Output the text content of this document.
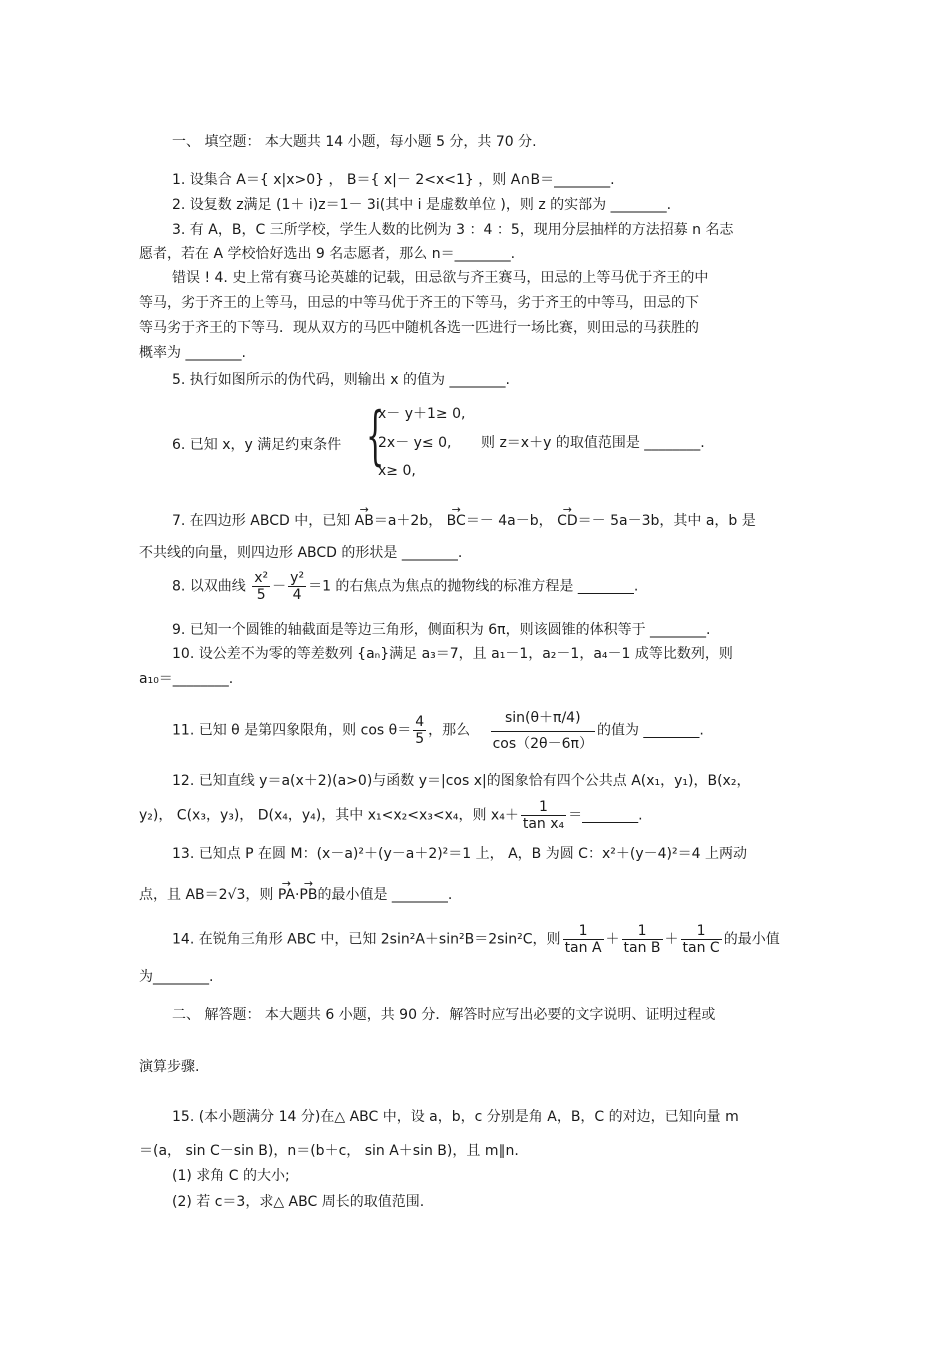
一、 填空题： 本大题共 14 小题，每小题 5 分，共 70 分.
1. 设集合 A＝{ x|x>0} ， B＝{ x|－ 2<x<1} ，则 A∩B＝________.
2. 设复数 z满足 (1＋ i)z＝1－ 3i(其中 i 是虚数单位 )，则 z 的实部为 ________.
3. 有 A，B，C 三所学校，学生人数的比例为 3 ：4 ：5，现用分层抽样的方法招募 n 名志
愿者，若在 A 学校恰好选出 9 名志愿者，那么 n＝________.
错误 ! 4. 史上常有赛马论英雄的记载，田忌欲与齐王赛马，田忌的上等马优于齐王的中
等马，劣于齐王的上等马，田忌的中等马优于齐王的下等马，劣于齐王的中等马，田忌的下
等马劣于齐王的下等马．现从双方的马匹中随机各选一匹进行一场比赛，则田忌的马获胜的
概率为 ________.
5. 执行如图所示的伪代码，则输出 x 的值为 ________.
6. 已知 x，y 满足约束条件 {
x－ y＋1≥ 0,
2x－ y≤ 0,
x≥ 0,
则 z＝x＋y 的取值范围是 ________.
7. 在四边形 ABCD 中，已知 → AB＝a＋2b， → BC＝－ 4a－b， → CD＝－ 5a－3b，其中 a，b 是
不共线的向量，则四边形 ABCD 的形状是 ________.
8. 以双曲线 $\frac{\text{x²}}{5} - \frac{\text{y²}}{4} =1$ 的右焦点为焦点的抛物线的标准方程是 ________.
9. 已知一个圆锥的轴截面是等边三角形，侧面积为 6π，则该圆锥的体积等于 ________.
10. 设公差不为零的等差数列 {aₙ}满足 a₃＝7，且 a₁－1，a₂－1，a₄－1 成等比数列，则
a₁₀＝________.
11. 已知 θ 是第四象限角，则 $\cos \theta= \frac{4}{5}$ ，那么 $\frac{\sin(\theta+\pi/4)}{\cos(2\theta-6\pi)}$ 的值为 ________.
12. 已知直线 y＝a(x＋2)(a>0)与函数 y＝|cos x|的图象恰有四个公共点 A(x₁，y₁)，B(x₂，
y₂)， C(x₃，y₃)， D(x₄，y₄)，其中 x₁<x₂<x₃<x₄，则 $x_4+ \frac{1}{\text{tan x₄}}$ ＝________.
13. 已知点 P 在圆 M：(x－a)²＋(y－a＋2)²＝1 上， A，B 为圆 C：x²＋(y－4)²＝4 上两动
点，且 AB＝2√3，则 → PA·→ PB的最小值是 ________.
14. 在锐角三角形 ABC 中，已知 2sin²A＋sin²B＝2sin²C，则 $\frac{1}{\text{tan A}} + \frac{1}{\text{tan B}} + \frac{1}{\text{tan C}}$ 的最小值
为________.
二、 解答题： 本大题共 6 小题，共 90 分．解答时应写出必要的文字说明、证明过程或
演算步骤.
15. (本小题满分 14 分)在△ ABC 中，设 a，b，c 分别是角 A，B，C 的对边，已知向量 m
＝(a， sin C－sin B)，n＝(b＋c， sin A＋sin B)，且 m∥n.
(1) 求角 C 的大小;
(2) 若 c＝3，求△ ABC 周长的取值范围.
